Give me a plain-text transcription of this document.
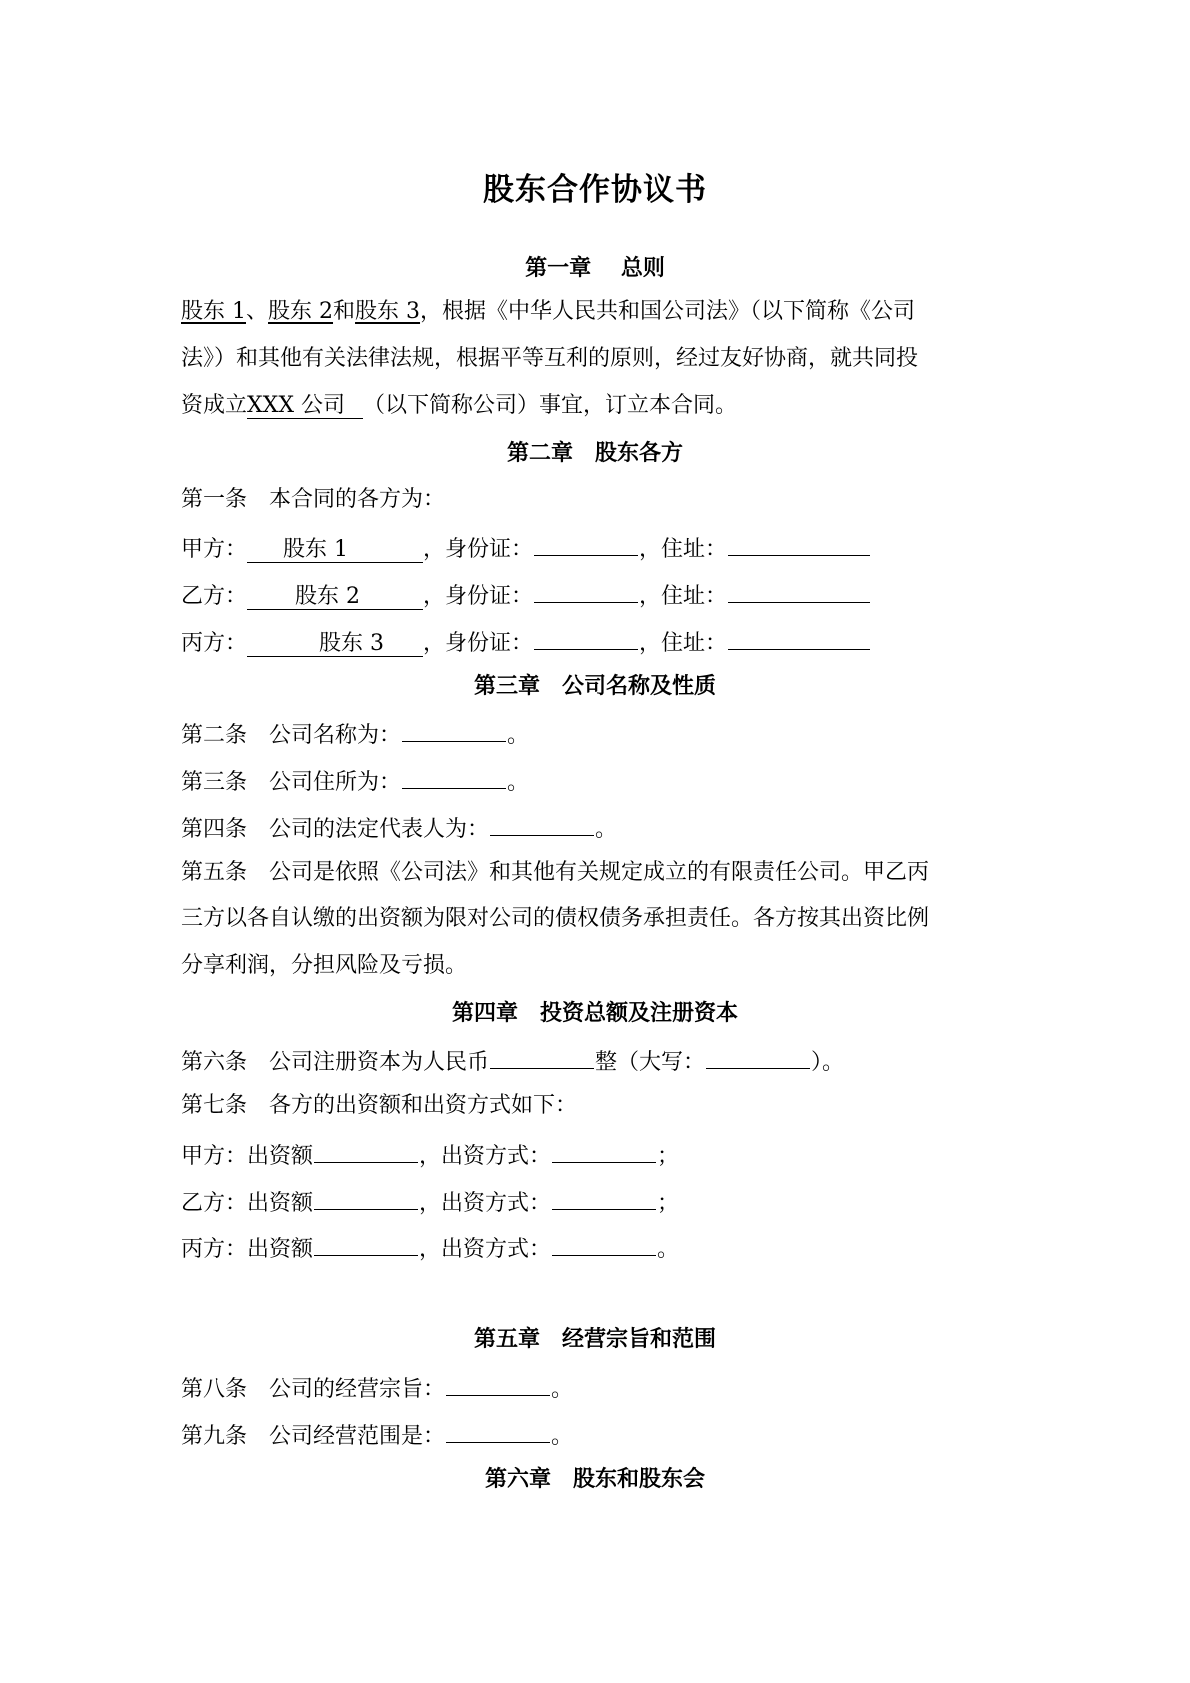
股东合作协议书
第一章　 总则
股东 1、股东 2和股东 3，根据《中华人民共和国公司法》（以下简称《公司
法》）和其他有关法律法规，根据平等互利的原则，经过友好协商，就共同投
资成立XXX 公司 （以下简称公司）事宜，订立本合同。
第二章　股东各方
第一条　本合同的各方为：
甲方： 股东 1	，身份证：	，住址：
乙方： 股东 2	，身份证：	，住址：
丙方：	股东 3 ，身份证：	，住址：
第三章　公司名称及性质
第二条　公司名称为：	。
第三条　公司住所为：	。
第四条　公司的法定代表人为：	。
第五条　公司是依照《公司法》和其他有关规定成立的有限责任公司。甲乙丙
三方以各自认缴的出资额为限对公司的债权债务承担责任。各方按其出资比例
分享利润，分担风险及亏损。
第四章　投资总额及注册资本
第六条　公司注册资本为人民币	整（大写：	）。
第七条　各方的出资额和出资方式如下：
甲方：出资额	，出资方式：	；
乙方：出资额	，出资方式：	；
丙方：出资额	，出资方式：	。
第五章　经营宗旨和范围
第八条　公司的经营宗旨：	。
第九条　公司经营范围是：	。
第六章　股东和股东会
